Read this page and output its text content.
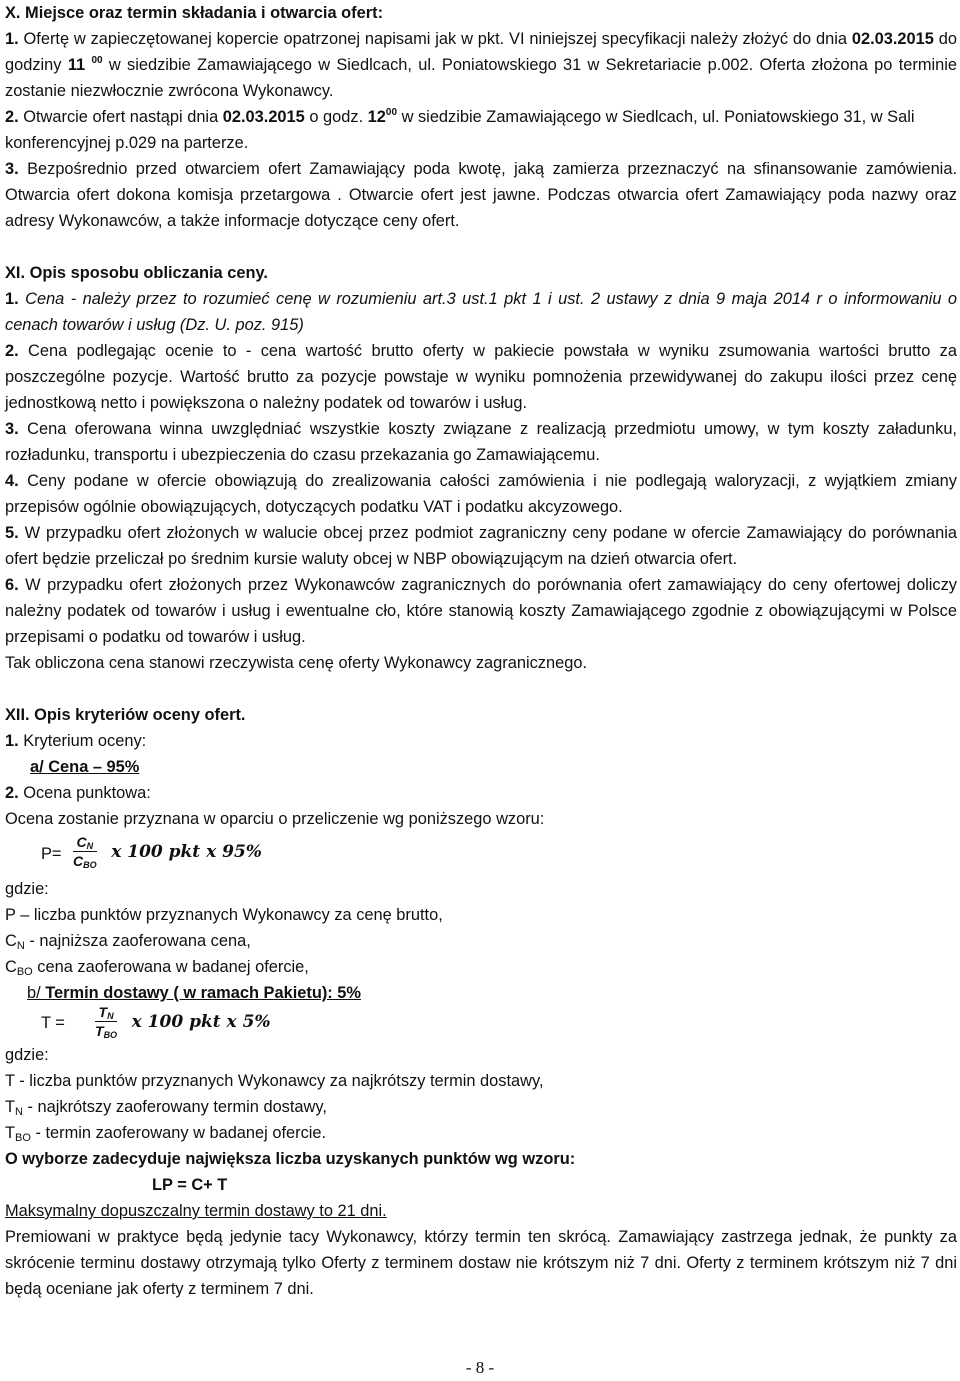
X. Miejsce oraz termin składania i otwarcia ofert:

1. Ofertę w zapieczętowanej kopercie opatrzonej napisami jak w pkt. VI niniejszej specyfikacji należy złożyć do dnia 02.03.2015 do godziny 11 $^{00}$ w siedzibie Zamawiającego w Siedlcach, ul. Poniatowskiego 31 w Sekretariacie p.002. Oferta złożona po terminie zostanie niezwłocznie zwrócona Wykonawcy.

2. Otwarcie ofert nastąpi dnia 02.03.2015 o godz. $12^{00}$ w siedzibie Zamawiającego w Siedlcach, ul. Poniatowskiego 31, w Sali konferencyjnej p.029 na parterze.

3. Bezpośrednio przed otwarciem ofert Zamawiający poda kwotę, jaką zamierza przeznaczyć na sfinansowanie zamówienia. Otwarcia ofert dokona komisja przetargowa . Otwarcie ofert jest jawne. Podczas otwarcia ofert Zamawiający poda nazwy oraz adresy Wykonawców, a także informacje dotyczące ceny ofert.

XI. Opis sposobu obliczania ceny.

1. Cena - należy przez to rozumieć cenę w rozumieniu art.3 ust.1 pkt 1 i ust. 2 ustawy z dnia 9 maja 2014 r o informowaniu o cenach towarów i usług (Dz. U. poz. 915)

2. Cena podlegając ocenie to - cena wartość brutto oferty w pakiecie powstała w wyniku zsumowania wartości brutto za poszczególne pozycje. Wartość brutto za pozycje powstaje w wyniku pomnożenia przewidywanej do zakupu ilości przez cenę jednostkową netto i powiększona o należny podatek od towarów i usług.

3. Cena oferowana winna uwzględniać wszystkie koszty związane z realizacją przedmiotu umowy, w tym koszty załadunku, rozładunku, transportu i ubezpieczenia do czasu przekazania go Zamawiającemu.

4. Ceny podane w ofercie obowiązują do zrealizowania całości zamówienia i nie podlegają waloryzacji, z wyjątkiem zmiany przepisów ogólnie obowiązujących, dotyczących podatku VAT i podatku akcyzowego.

5. W przypadku ofert złożonych w walucie obcej przez podmiot zagraniczny ceny podane w ofercie Zamawiający do porównania ofert będzie przeliczał po średnim kursie waluty obcej w NBP obowiązującym na dzień otwarcia ofert.

6. W przypadku ofert złożonych przez Wykonawców zagranicznych do porównania ofert zamawiający do ceny ofertowej doliczy należny podatek od towarów i usług i ewentualne cło, które stanowią koszty Zamawiającego zgodnie z obowiązującymi w Polsce przepisami o podatku od towarów i usług.

Tak obliczona cena stanowi rzeczywista cenę oferty Wykonawcy zagranicznego.

XII. Opis kryteriów oceny ofert.

1. Kryterium oceny:

a/ Cena – 95%

2. Ocena punktowa:

Ocena zostanie przyznana w oparciu o przeliczenie wg poniższego wzoru:

$P= \frac{C_N}{C_{BO}}$ x 100 pkt x 95%

gdzie:

P – liczba punktów przyznanych Wykonawcy za cenę brutto,

$C_N$ - najniższa zaoferowana cena,

$C_{BO}$ cena zaoferowana w badanej ofercie,

b/ Termin dostawy ( w ramach Pakietu): 5%

$T = \frac{T_N}{T_{BO}}$ x 100 pkt x 5%

gdzie:

T - liczba punktów przyznanych Wykonawcy za najkrótszy termin dostawy,

$T_N$ - najkrótszy zaoferowany termin dostawy,

$T_{BO}$ - termin zaoferowany w badanej ofercie.

O wyborze zadecyduje największa liczba uzyskanych punktów wg wzoru:

LP = C+ T

Maksymalny dopuszczalny termin dostawy to 21 dni.

Premiowani w praktyce będą jedynie tacy Wykonawcy, którzy termin ten skrócą. Zamawiający zastrzega jednak, że punkty za skrócenie terminu dostawy otrzymają tylko Oferty z terminem dostaw nie krótszym niż 7 dni. Oferty z terminem krótszym niż 7 dni będą oceniane jak oferty z terminem 7 dni.

- 8 -
